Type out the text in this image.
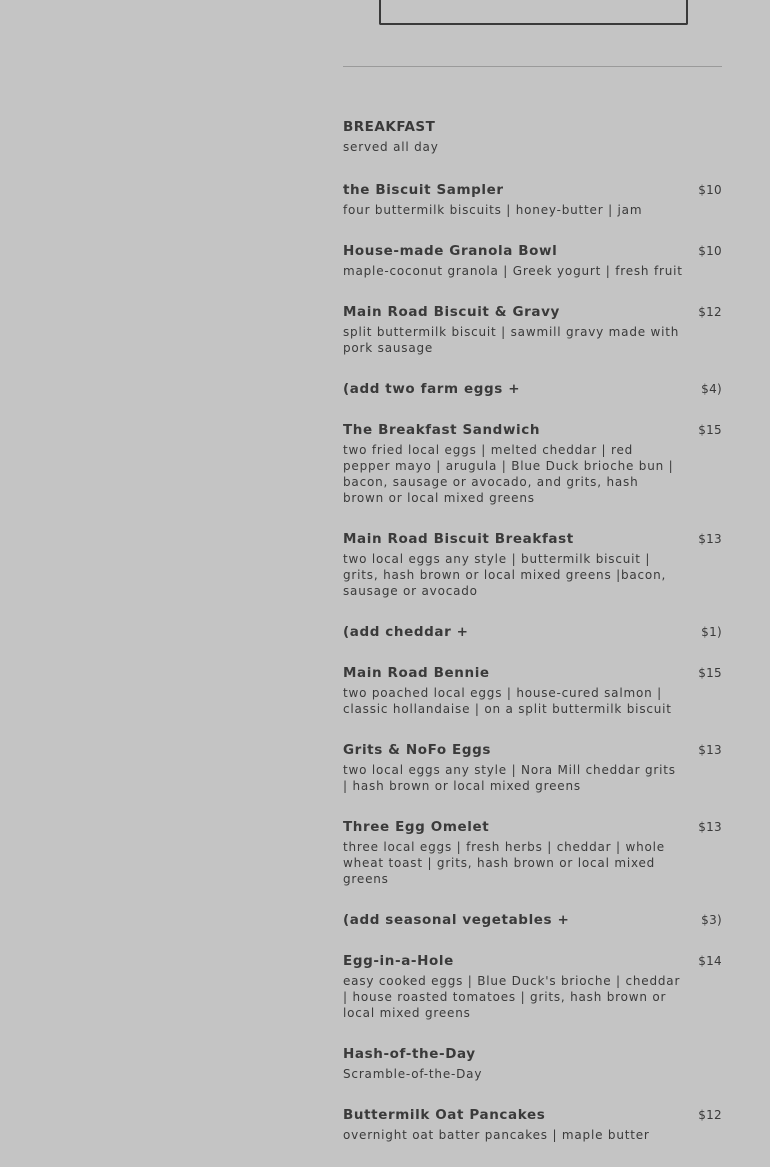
BREAKFAST
served all day
the Biscuit Sampler
four buttermilk biscuits | honey-butter | jam
$10
House-made Granola Bowl
maple-coconut granola | Greek yogurt | fresh fruit
$10
Main Road Biscuit & Gravy
split buttermilk biscuit | sawmill gravy made with pork sausage
$12
(add two farm eggs +	$4)
The Breakfast Sandwich
two fried local eggs | melted cheddar | red pepper mayo | arugula | Blue Duck brioche bun | bacon, sausage or avocado, and grits, hash brown or local mixed greens
$15
Main Road Biscuit Breakfast
two local eggs any style | buttermilk biscuit | grits, hash brown or local mixed greens |bacon, sausage or avocado
$13
(add cheddar +	$1)
Main Road Bennie
two poached local eggs | house-cured salmon | classic hollandaise | on a split buttermilk biscuit
$15
Grits & NoFo Eggs
two local eggs any style | Nora Mill cheddar grits | hash brown or local mixed greens
$13
Three Egg Omelet
three local eggs | fresh herbs | cheddar | whole wheat toast | grits, hash brown or local mixed greens
$13
(add seasonal vegetables +	$3)
Egg-in-a-Hole
easy cooked eggs | Blue Duck's brioche | cheddar | house roasted tomatoes | grits, hash brown or local mixed greens
$14
Hash-of-the-Day
Scramble-of-the-Day
Buttermilk Oat Pancakes
overnight oat batter pancakes | maple butter
$12
